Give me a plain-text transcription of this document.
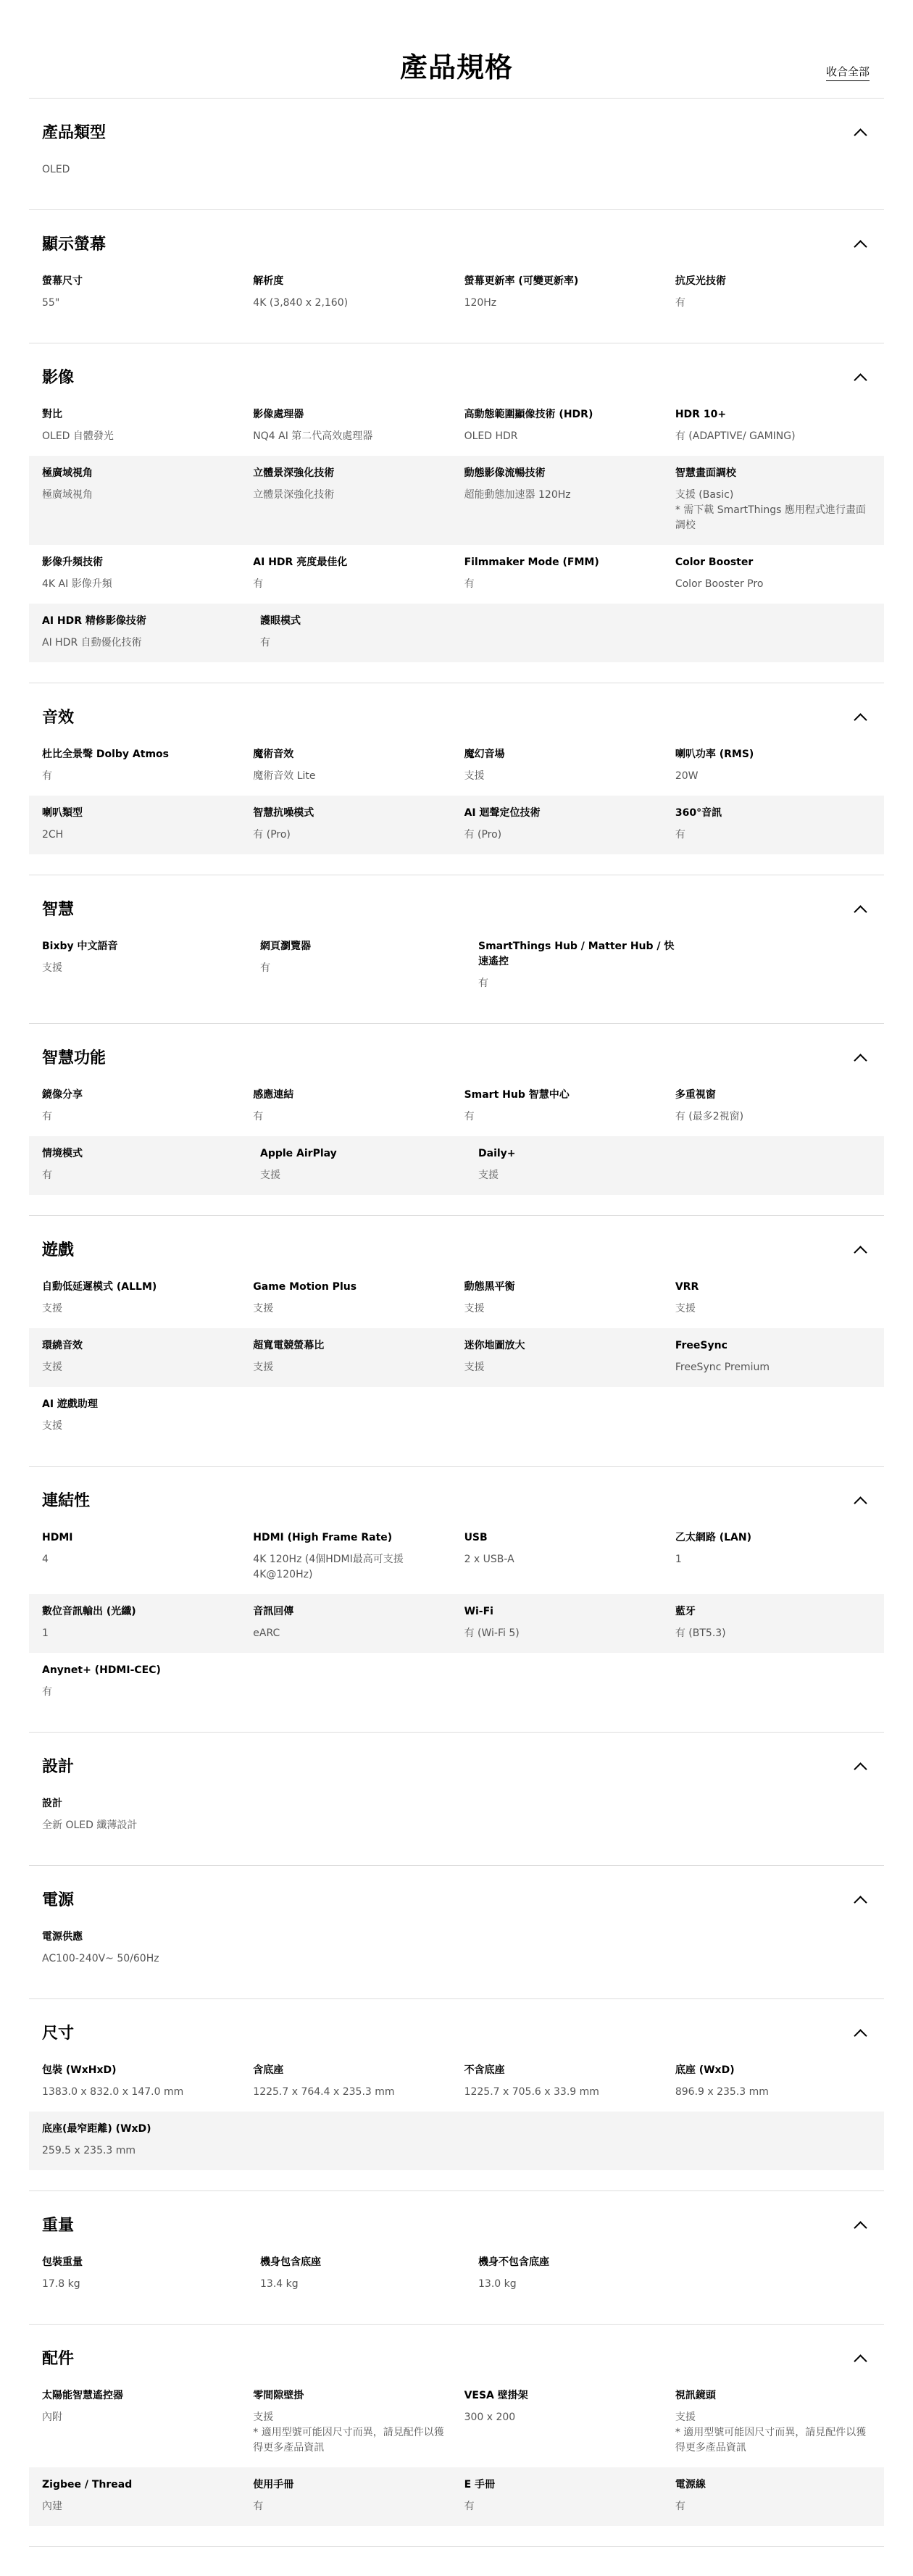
產品規格	收合全部
產品類型
OLED
顯示螢幕
螢幕尺寸
55"
解析度
4K (3,840 x 2,160)
螢幕更新率 (可變更新率)
120Hz
抗反光技術
有
影像
對比
OLED 自體發光
影像處理器
NQ4 AI 第二代高效處理器
高動態範圍顯像技術 (HDR)
OLED HDR
HDR 10+
有 (ADAPTIVE/ GAMING)
極廣域視角
極廣域視角
立體景深強化技術
立體景深強化技術
動態影像流暢技術
超能動態加速器 120Hz
智慧畫面調校
支援 (Basic)
* 需下載 SmartThings 應用程式進行畫面調校
影像升頻技術
4K AI 影像升頻
AI HDR 亮度最佳化
有
Filmmaker Mode (FMM)
有
Color Booster
Color Booster Pro
AI HDR 精修影像技術
AI HDR 自動優化技術
護眼模式
有
音效
杜比全景聲 Dolby Atmos
有
魔術音效
魔術音效 Lite
魔幻音場
支援
喇叭功率 (RMS)
20W
喇叭類型
2CH
智慧抗噪模式
有 (Pro)
AI 迴聲定位技術
有 (Pro)
360°音訊
有
智慧
Bixby 中文語音
支援
網頁瀏覽器
有
SmartThings Hub / Matter Hub / 快速遙控
有
智慧功能
鏡像分享
有
感應連結
有
Smart Hub 智慧中心
有
多重視窗
有 (最多2視窗)
情境模式
有
Apple AirPlay
支援
Daily+
支援
遊戲
自動低延遲模式 (ALLM)
支援
Game Motion Plus
支援
動態黑平衡
支援
VRR
支援
環繞音效
支援
超寬電競螢幕比
支援
迷你地圖放大
支援
FreeSync
FreeSync Premium
AI 遊戲助理
支援
連結性
HDMI
4
HDMI (High Frame Rate)
4K 120Hz (4個HDMI最高可支援4K@120Hz)
USB
2 x USB-A
乙太網路 (LAN)
1
數位音訊輸出 (光纖)
1
音訊回傳
eARC
Wi-Fi
有 (Wi-Fi 5)
藍牙
有 (BT5.3)
Anynet+ (HDMI-CEC)
有
設計
設計
全新 OLED 纖薄設計
電源
電源供應
AC100-240V~ 50/60Hz
尺寸
包裝 (WxHxD)
1383.0 x 832.0 x 147.0 mm
含底座
1225.7 x 764.4 x 235.3 mm
不含底座
1225.7 x 705.6 x 33.9 mm
底座 (WxD)
896.9 x 235.3 mm
底座(最窄距離) (WxD)
259.5 x 235.3 mm
重量
包裝重量
17.8 kg
機身包含底座
13.4 kg
機身不包含底座
13.0 kg
配件
太陽能智慧遙控器
內附
零間隙壁掛
支援
* 適用型號可能因尺寸而異，請見配件以獲得更多產品資訊
VESA 壁掛架
300 x 200
視訊鏡頭
支援
* 適用型號可能因尺寸而異，請見配件以獲得更多產品資訊
Zigbee / Thread
內建
使用手冊
有
E 手冊
有
電源線
有
